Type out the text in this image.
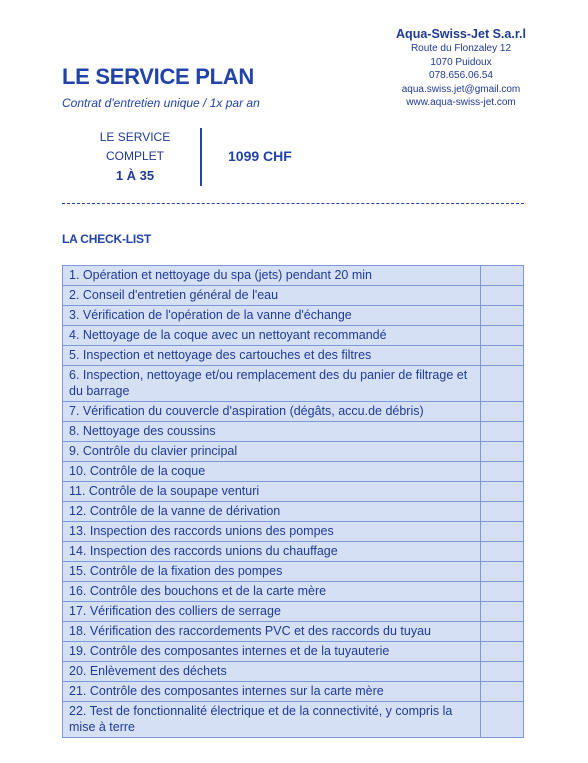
Aqua-Swiss-Jet S.a.r.l
Route du Flonzaley 12
1070 Puidoux
078.656.06.54
aqua.swiss.jet@gmail.com
www.aqua-swiss-jet.com
LE SERVICE PLAN
Contrat d'entretien unique / 1x par an
LE SERVICE
COMPLET
1 À 35
1099 CHF
LA CHECK-LIST
1. Opération et nettoyage du spa (jets) pendant 20 min	
2. Conseil d'entretien général de l'eau	
3. Vérification de l'opération de la vanne d'échange	
4. Nettoyage de la coque avec un nettoyant recommandé	
5. Inspection et nettoyage des cartouches et des filtres	
6. Inspection, nettoyage et/ou remplacement des du panier de filtrage et du barrage	
7. Vérification du couvercle d'aspiration (dégâts, accu.de débris)	
8. Nettoyage des coussins	
9. Contrôle du clavier principal	
10. Contrôle de la coque	
11. Contrôle de la soupape venturi	
12. Contrôle de la vanne de dérivation	
13. Inspection des raccords unions des pompes	
14. Inspection des raccords unions du chauffage	
15. Contrôle de la fixation des pompes	
16. Contrôle des bouchons et de la carte mère	
17. Vérification des colliers de serrage	
18. Vérification des raccordements PVC et des raccords du tuyau	
19. Contrôle des composantes internes et de la tuyauterie	
20. Enlèvement des déchets	
21. Contrôle des composantes internes sur la carte mère	
22. Test de fonctionnalité électrique et de la connectivité, y compris la mise à terre	
